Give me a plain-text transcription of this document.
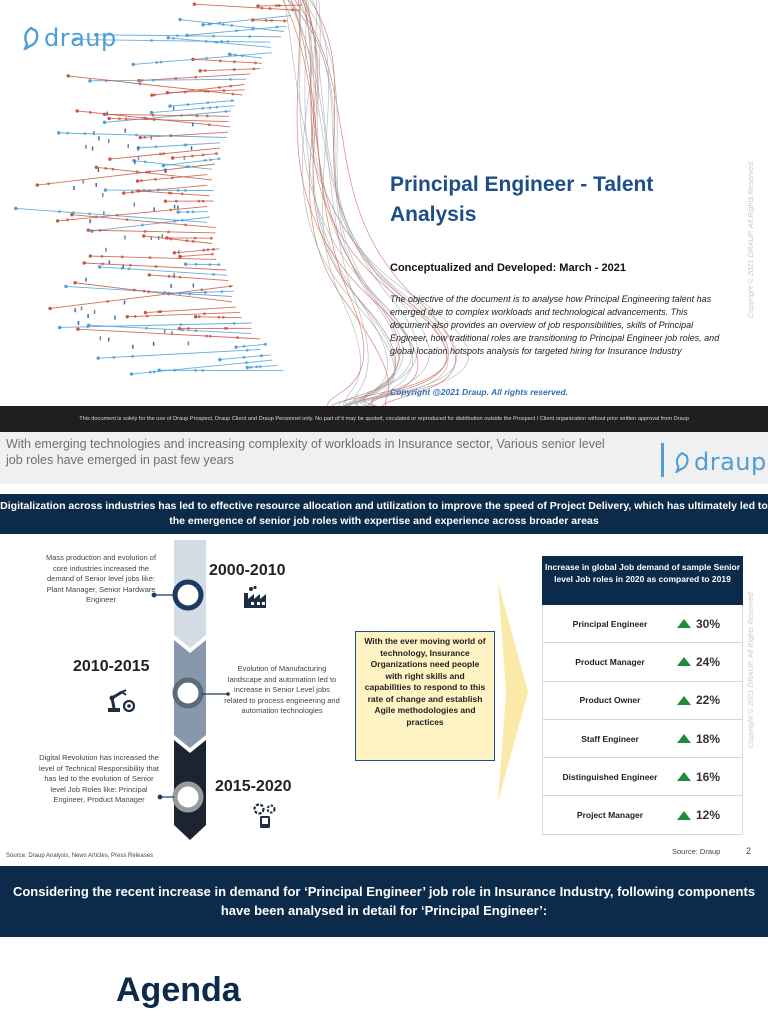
draup
Principal Engineer - Talent Analysis
Conceptualized and Developed: March - 2021
The objective of the document is to analyse how Principal Engineering talent has emerged due to complex workloads and technological advancements. This document also provides an overview of job responsibilities, skills of Principal Engineer, how traditional roles are transitioning to Principal Engineer job roles, and global location hotspots analysis for targeted hiring for Insurance Industry
Copyright @2021 Draup. All rights reserved.
Copyright © 2021 DRAUP. All Rights Reserved.
This document is solely for the use of Draup Prospect, Draup Client and Draup Personnel only. No part of it may be quoted, circulated or reproduced for distribution outside the Prospect / Client organization without prior written approval from Draup
With emerging technologies and increasing complexity of workloads in Insurance sector, Various senior level job roles have emerged in past few years	draup
Digitalization across industries has led to effective resource allocation and utilization to improve the speed of Project Delivery, which has ultimately led to the emergence of senior job roles with expertise and experience across broader areas
Mass production and evolution of core industries increased the demand of Senior level jobs like: Plant Manager, Senior Hardware Engineer
Evolution of Manufacturing landscape and automation led to increase in Senior Level jobs related to process engineering and automation technologies
Digital Revolution has increased the level of Technical Responsibility that has led to the evolution of Senior level Job Roles like: Principal Engineer, Product Manager
2000-2010
2010-2015
2015-2020
With the ever moving world of technology, Insurance Organizations need people with right skills and capabilities to respond to this rate of change and establish Agile methodologies and practices
Increase in global Job demand of sample Senior level Job roles in 2020 as compared to 2019
Principal Engineer	30%
Product Manager	24%
Product Owner	22%
Staff Engineer	18%
Distinguished Engineer	16%
Project Manager	12%
Copyright © 2021 DRAUP. All Rights Reserved.
Source: Draup Analysis, News Articles, Press Releases	Source: Draup	2
Considering the recent increase in demand for ‘Principal Engineer’ job role in Insurance Industry, following components have been analysed in detail for ‘Principal Engineer’:
Agenda
